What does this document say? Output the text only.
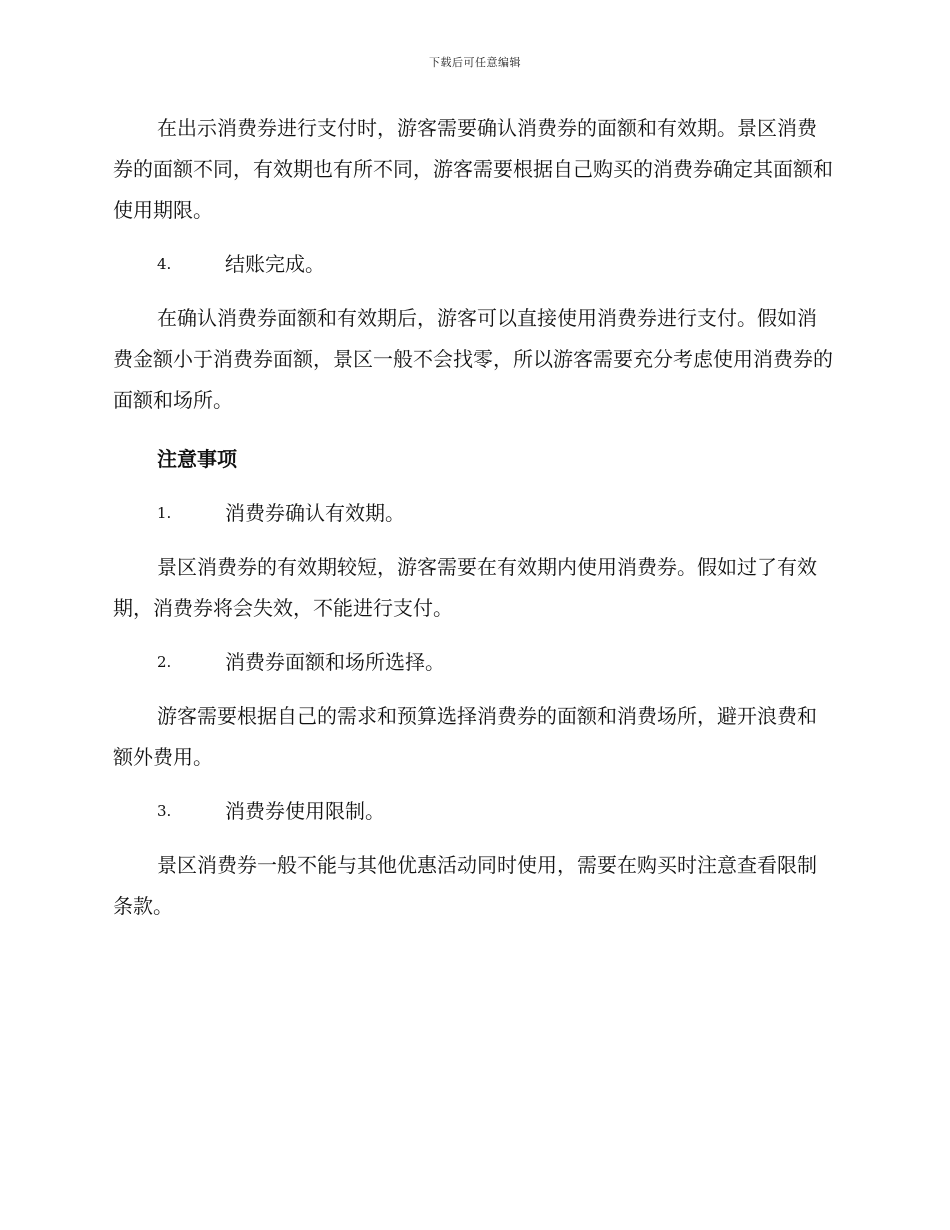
下载后可任意编辑

在出示消费券进行支付时，游客需要确认消费券的面额和有效期。景区消费券的面额不同，有效期也有所不同，游客需要根据自己购买的消费券确定其面额和使用期限。

4.	结账完成。

在确认消费券面额和有效期后，游客可以直接使用消费券进行支付。假如消费金额小于消费券面额，景区一般不会找零，所以游客需要充分考虑使用消费券的面额和场所。

注意事项
1.	消费券确认有效期。

景区消费券的有效期较短，游客需要在有效期内使用消费券。假如过了有效期，消费券将会失效，不能进行支付。

2.	消费券面额和场所选择。

游客需要根据自己的需求和预算选择消费券的面额和消费场所，避开浪费和额外费用。

3.	消费券使用限制。

景区消费券一般不能与其他优惠活动同时使用，需要在购买时注意查看限制条款。
